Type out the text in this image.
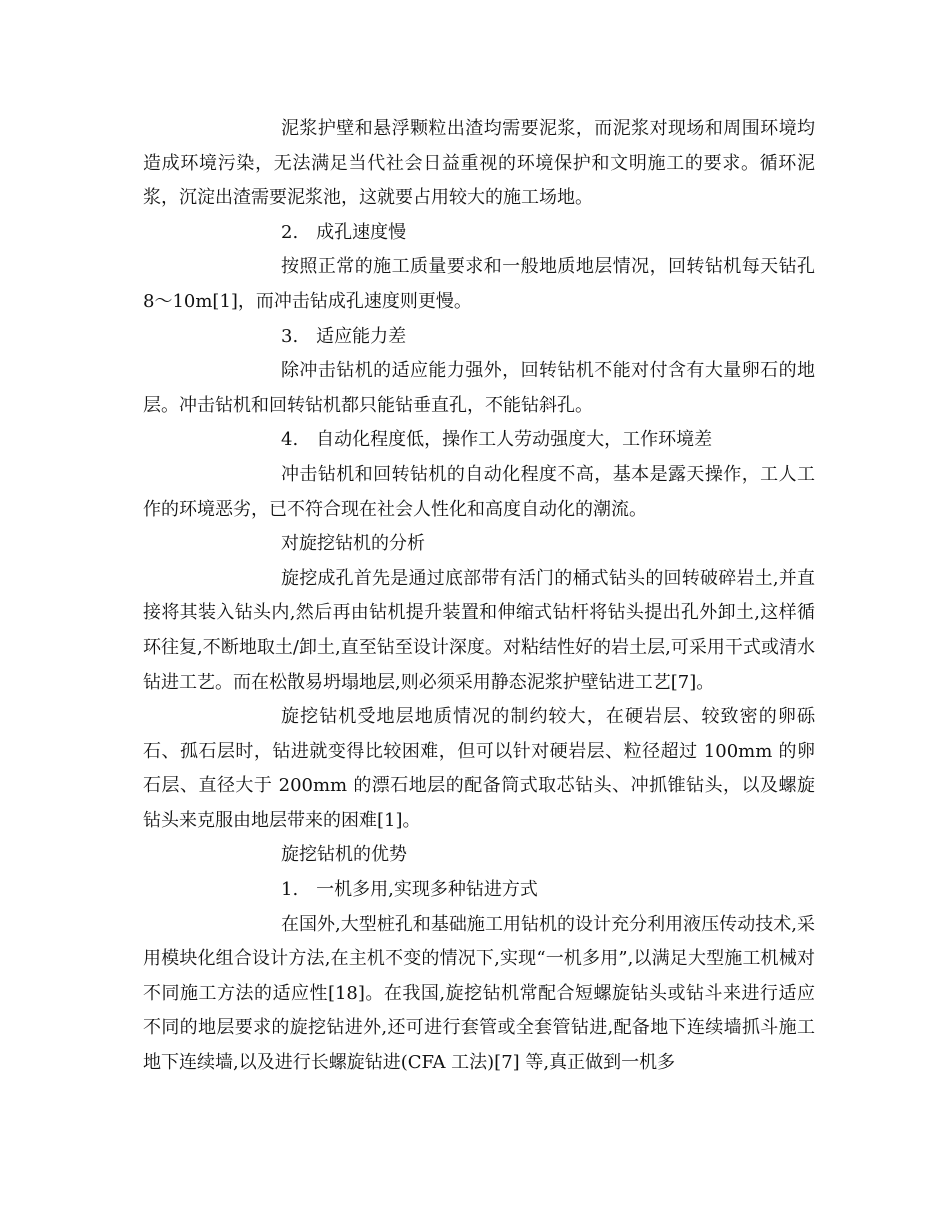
泥浆护壁和悬浮颗粒出渣均需要泥浆，而泥浆对现场和周围环境均造成环境污染，无法满足当代社会日益重视的环境保护和文明施工的要求。循环泥浆，沉淀出渣需要泥浆池，这就要占用较大的施工场地。

2.　成孔速度慢

按照正常的施工质量要求和一般地质地层情况，回转钻机每天钻孔 8～10m[1]，而冲击钻成孔速度则更慢。

3.　适应能力差

除冲击钻机的适应能力强外，回转钻机不能对付含有大量卵石的地层。冲击钻机和回转钻机都只能钻垂直孔，不能钻斜孔。

4.　自动化程度低，操作工人劳动强度大，工作环境差

冲击钻机和回转钻机的自动化程度不高，基本是露天操作，工人工作的环境恶劣，已不符合现在社会人性化和高度自动化的潮流。

对旋挖钻机的分析

旋挖成孔首先是通过底部带有活门的桶式钻头的回转破碎岩土,并直接将其装入钻头内,然后再由钻机提升装置和伸缩式钻杆将钻头提出孔外卸土,这样循环往复,不断地取土/卸土,直至钻至设计深度。对粘结性好的岩土层,可采用干式或清水钻进工艺。而在松散易坍塌地层,则必须采用静态泥浆护壁钻进工艺[7]。

旋挖钻机受地层地质情况的制约较大，在硬岩层、较致密的卵砾石、孤石层时，钻进就变得比较困难，但可以针对硬岩层、粒径超过 100mm 的卵石层、直径大于 200mm 的漂石地层的配备筒式取芯钻头、冲抓锥钻头，以及螺旋钻头来克服由地层带来的困难[1]。

旋挖钻机的优势

1.　一机多用,实现多种钻进方式

在国外,大型桩孔和基础施工用钻机的设计充分利用液压传动技术,采用模块化组合设计方法,在主机不变的情况下,实现“一机多用”,以满足大型施工机械对不同施工方法的适应性[18]。在我国,旋挖钻机常配合短螺旋钻头或钻斗来进行适应不同的地层要求的旋挖钻进外,还可进行套管或全套管钻进,配备地下连续墙抓斗施工地下连续墙,以及进行长螺旋钻进(CFA 工法)[7] 等,真正做到一机多
